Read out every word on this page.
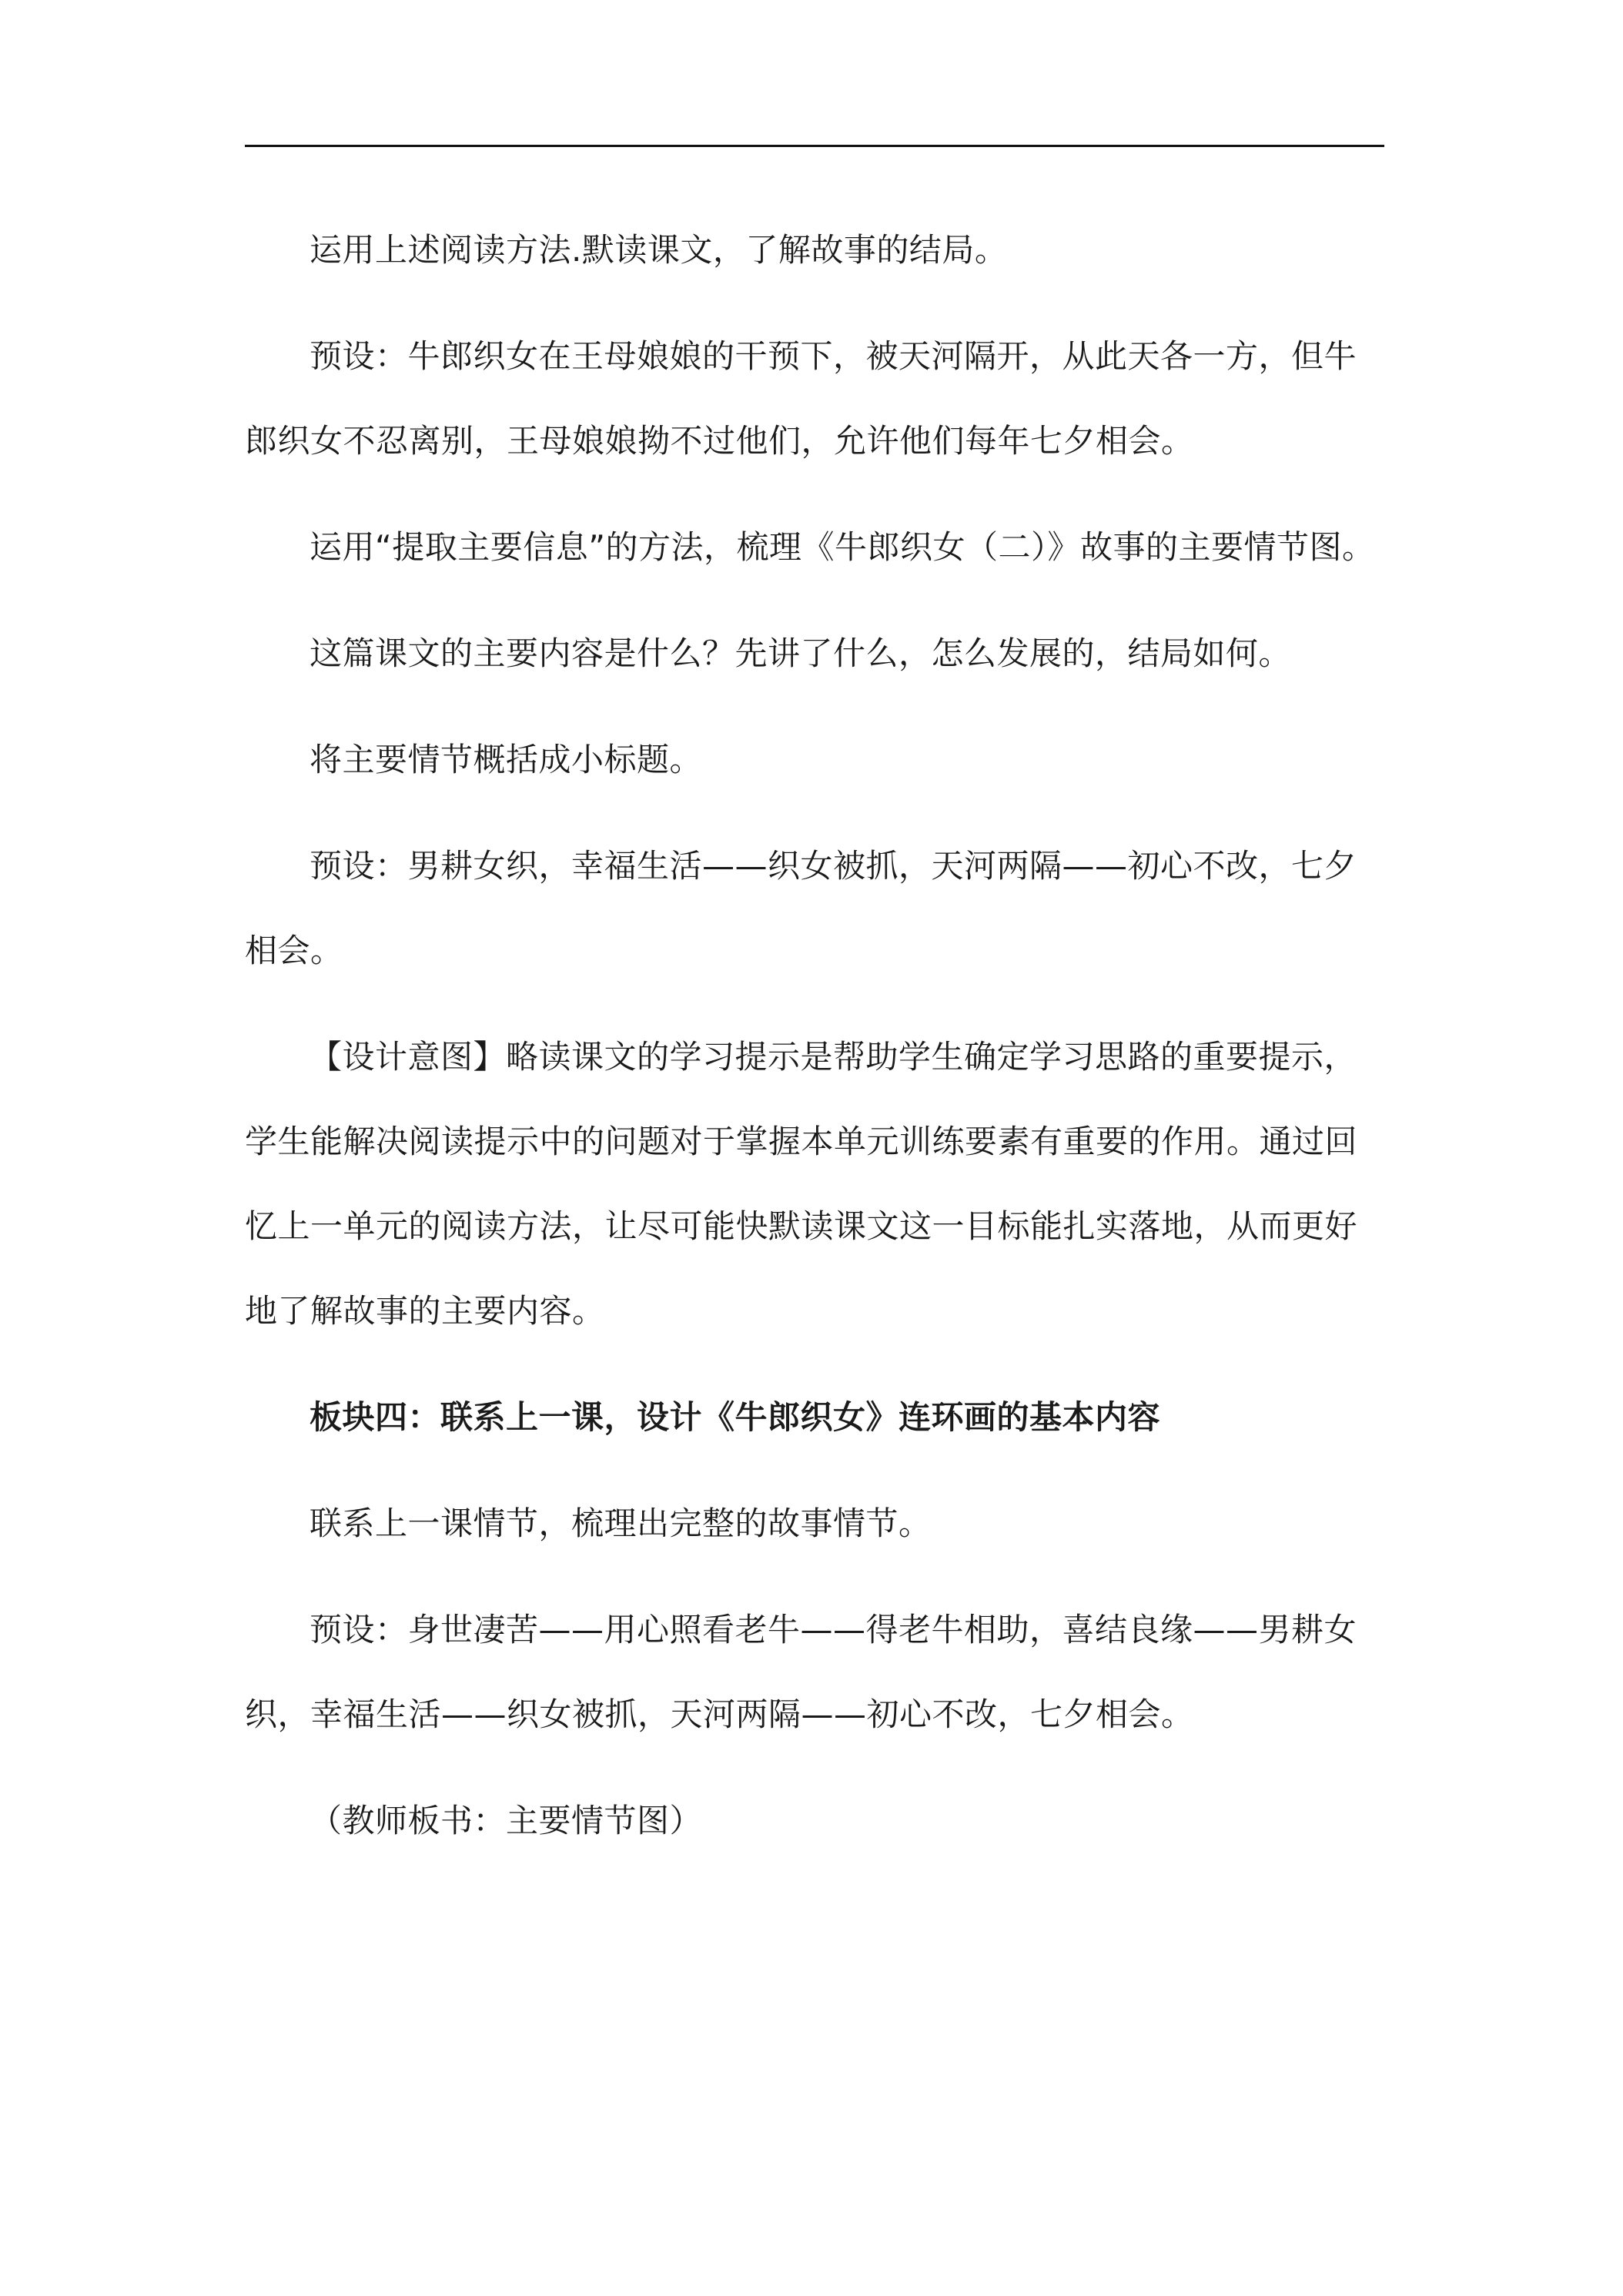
运用上述阅读方法.默读课文，了解故事的结局。

预设：牛郎织女在王母娘娘的干预下，被天河隔开，从此天各一方，但牛郎织女不忍离别，王母娘娘拗不过他们，允许他们每年七夕相会。

运用“提取主要信息”的方法，梳理《牛郎织女（二）》故事的主要情节图。

这篇课文的主要内容是什么？先讲了什么，怎么发展的，结局如何。

将主要情节概括成小标题。

预设：男耕女织，幸福生活——织女被抓，天河两隔——初心不改，七夕相会。

【设计意图】略读课文的学习提示是帮助学生确定学习思路的重要提示，学生能解决阅读提示中的问题对于掌握本单元训练要素有重要的作用。通过回忆上一单元的阅读方法，让尽可能快默读课文这一目标能扎实落地，从而更好地了解故事的主要内容。

板块四：联系上一课，设计《牛郎织女》连环画的基本内容

联系上一课情节，梳理出完整的故事情节。

预设：身世凄苦——用心照看老牛——得老牛相助，喜结良缘——男耕女织，幸福生活——织女被抓，天河两隔——初心不改，七夕相会。

（教师板书：主要情节图）
